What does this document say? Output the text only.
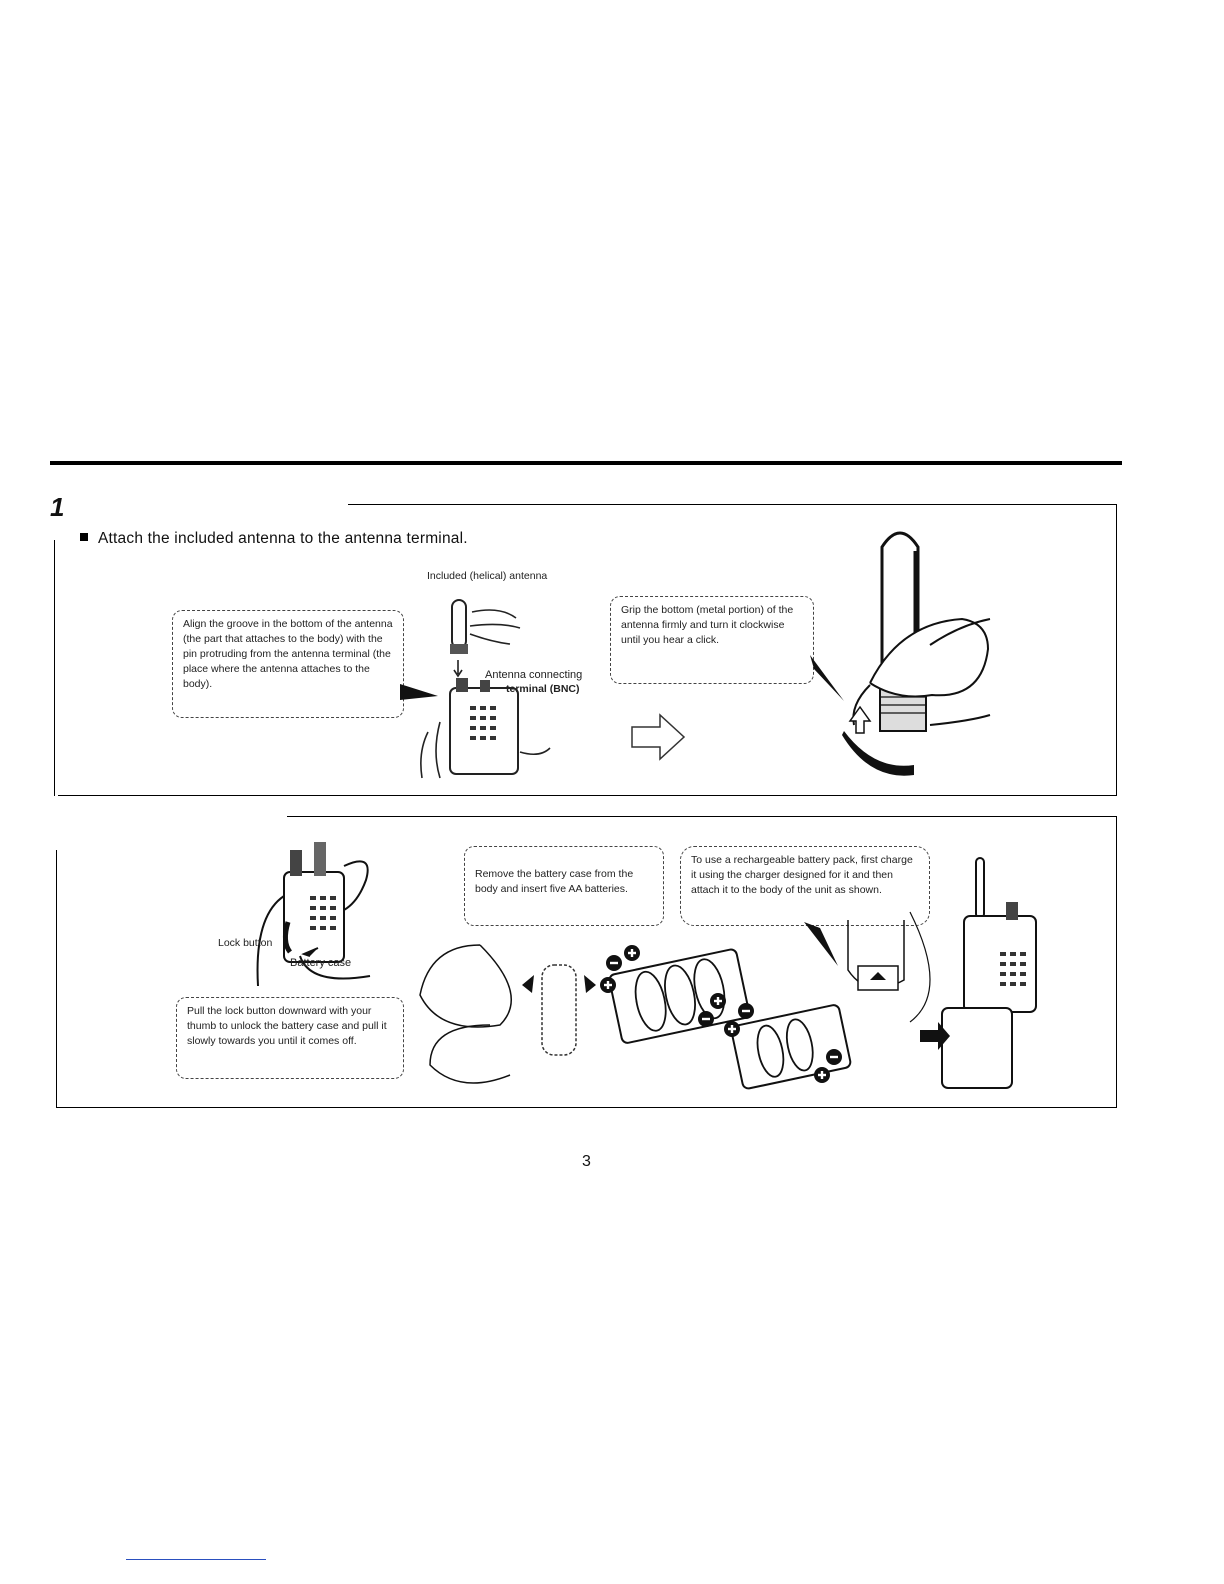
1
Attach the included antenna to the antenna terminal.
Included (helical) antenna
Align the groove in the bottom of the antenna (the part that attaches to the body) with the pin protruding from the antenna terminal (the place where the antenna attaches to the body).
Antenna connecting
terminal (BNC)
Grip the bottom (metal portion) of the antenna firmly and turn it clockwise until you hear a click.
Lock button
Battery case
Pull the lock button downward with your thumb to unlock the battery case and pull it slowly towards you until it comes off.
Remove the battery case from the body and insert five AA batteries.
To use a rechargeable battery pack, first charge it using the charger designed for it and then attach it to the body of the unit as shown.
3
